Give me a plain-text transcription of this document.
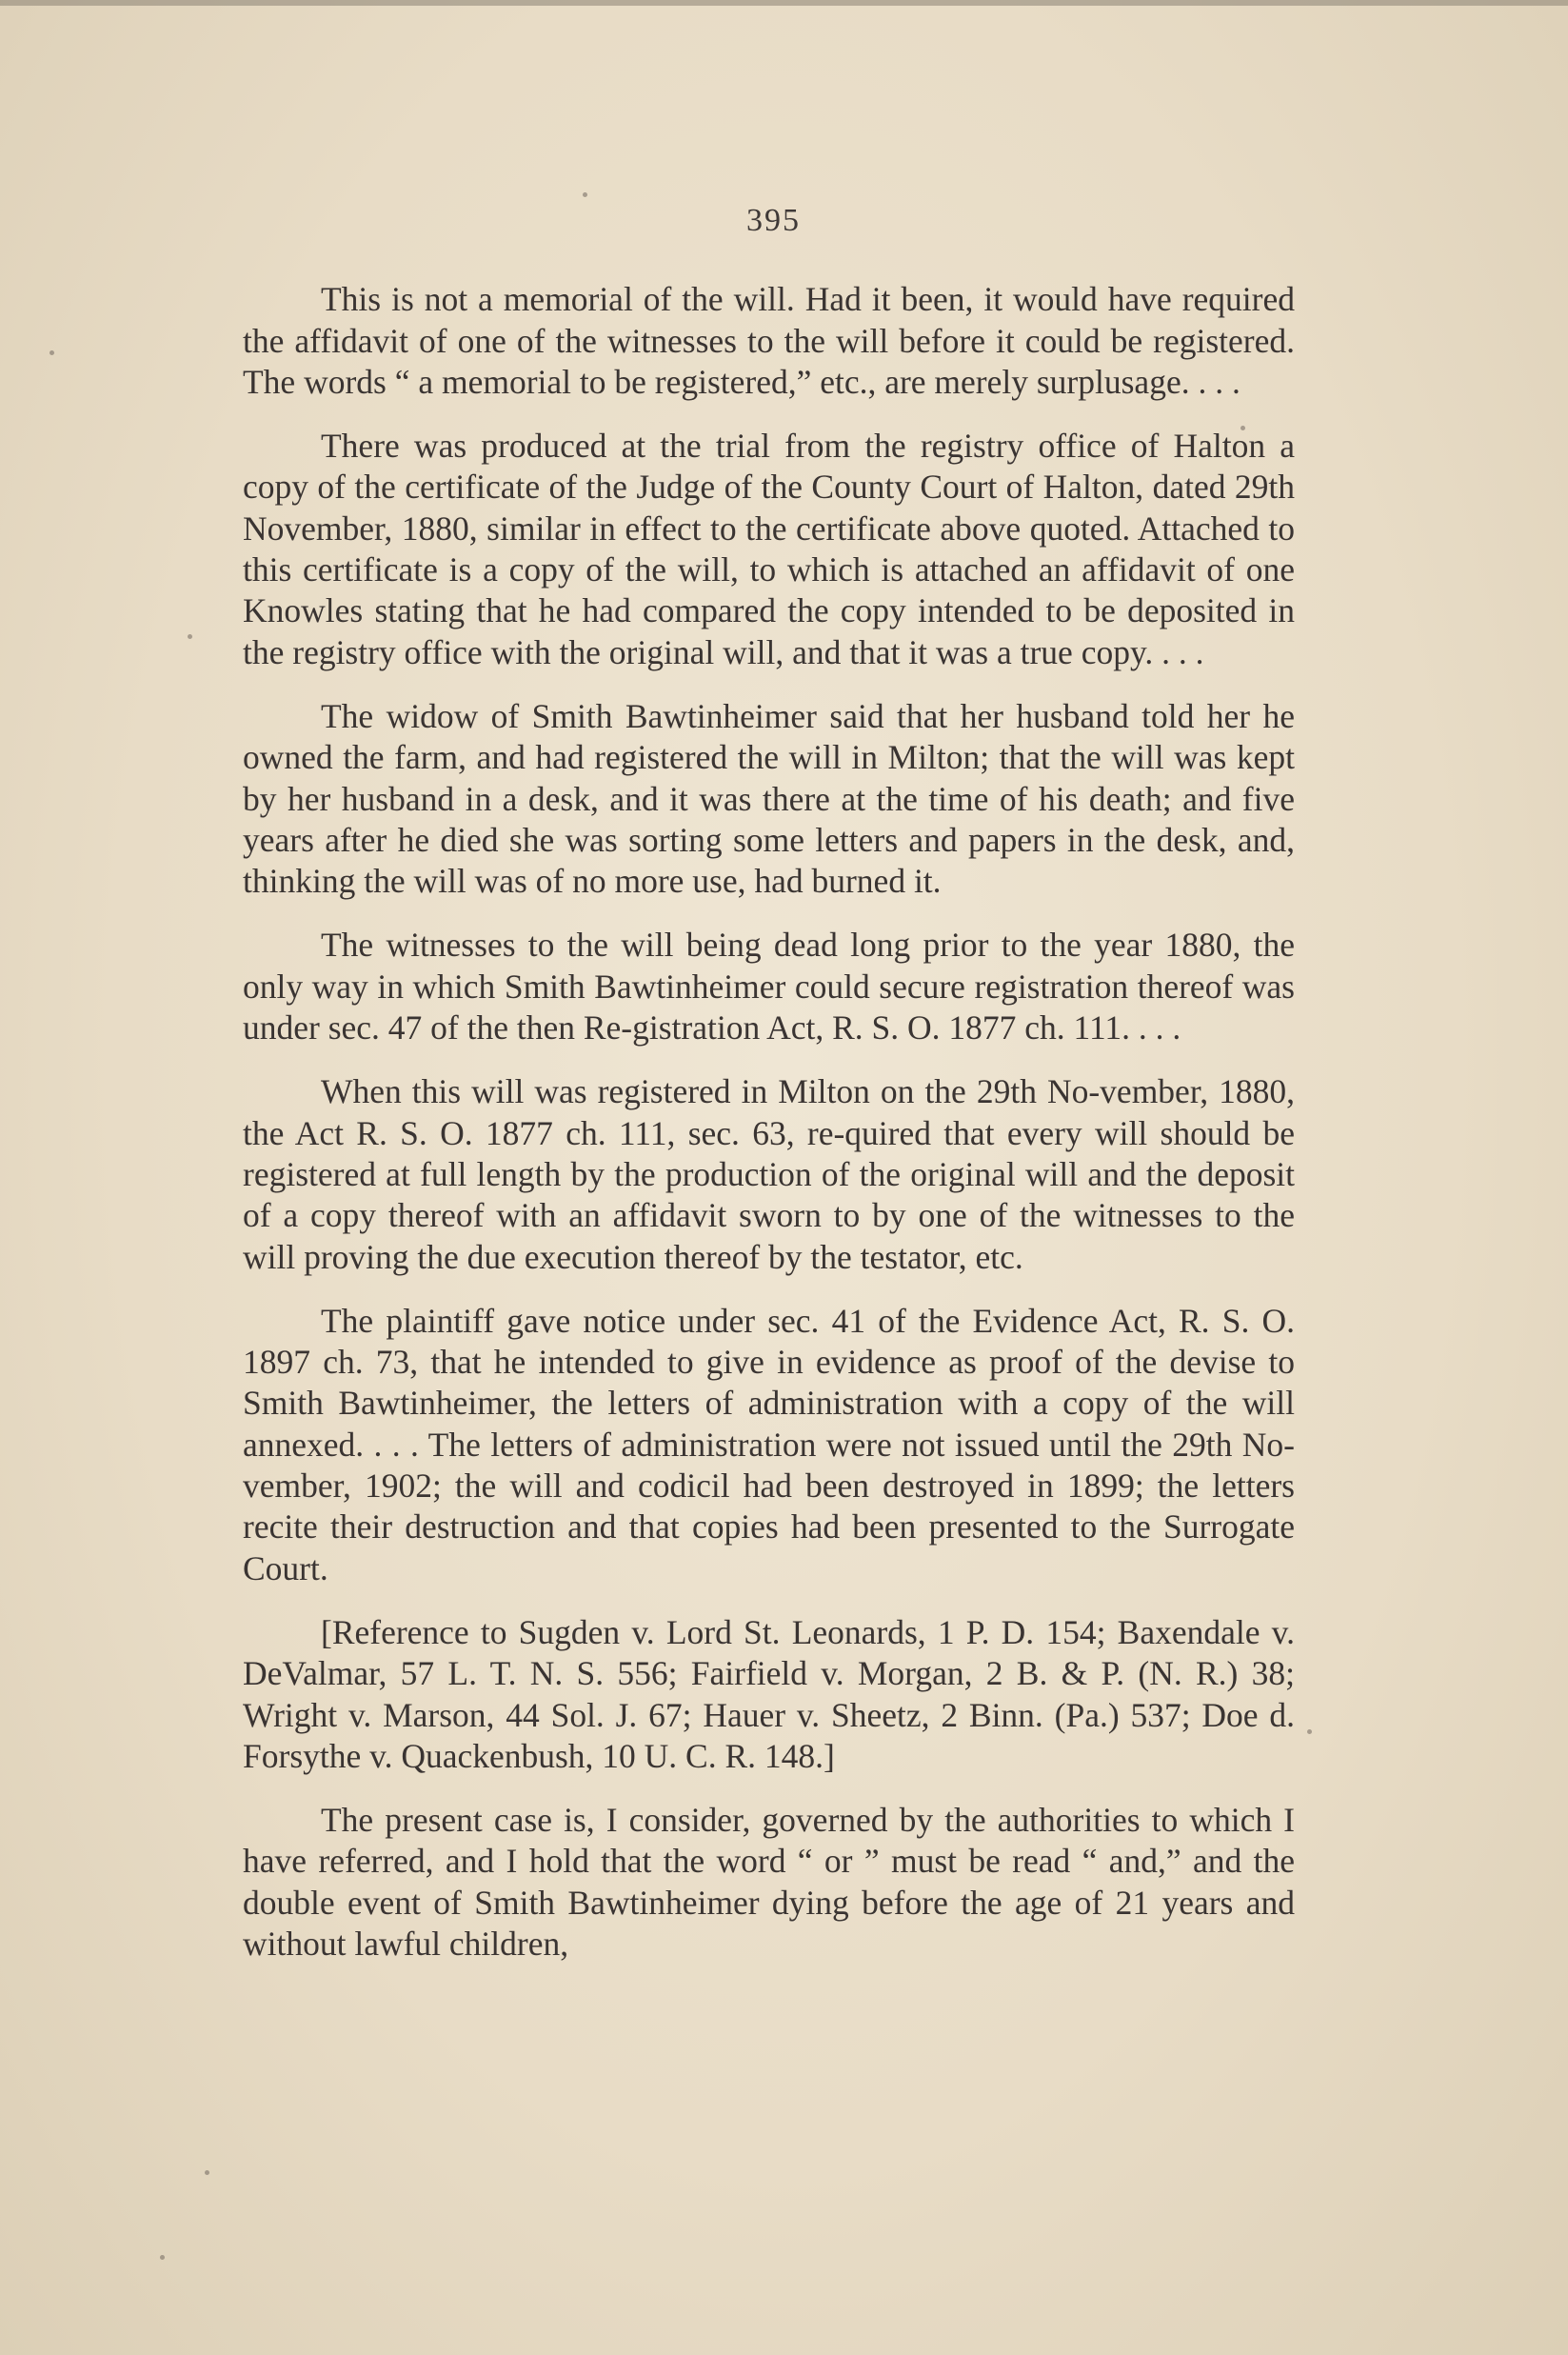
395

This is not a memorial of the will. Had it been, it would have required the affidavit of one of the witnesses to the will before it could be registered. The words “ a memorial to be registered,” etc., are merely surplusage. . . .

There was produced at the trial from the registry office of Halton a copy of the certificate of the Judge of the County Court of Halton, dated 29th November, 1880, similar in effect to the certificate above quoted. Attached to this certificate is a copy of the will, to which is attached an affidavit of one Knowles stating that he had compared the copy intended to be deposited in the registry office with the original will, and that it was a true copy. . . .

The widow of Smith Bawtinheimer said that her husband told her he owned the farm, and had registered the will in Milton; that the will was kept by her husband in a desk, and it was there at the time of his death; and five years after he died she was sorting some letters and papers in the desk, and, thinking the will was of no more use, had burned it.

The witnesses to the will being dead long prior to the year 1880, the only way in which Smith Bawtinheimer could secure registration thereof was under sec. 47 of the then Re-gistration Act, R. S. O. 1877 ch. 111. . . .

When this will was registered in Milton on the 29th No-vember, 1880, the Act R. S. O. 1877 ch. 111, sec. 63, re-quired that every will should be registered at full length by the production of the original will and the deposit of a copy thereof with an affidavit sworn to by one of the witnesses to the will proving the due execution thereof by the testator, etc.

The plaintiff gave notice under sec. 41 of the Evidence Act, R. S. O. 1897 ch. 73, that he intended to give in evidence as proof of the devise to Smith Bawtinheimer, the letters of administration with a copy of the will annexed. . . . The letters of administration were not issued until the 29th No-vember, 1902; the will and codicil had been destroyed in 1899; the letters recite their destruction and that copies had been presented to the Surrogate Court.

[Reference to Sugden v. Lord St. Leonards, 1 P. D. 154; Baxendale v. DeValmar, 57 L. T. N. S. 556; Fairfield v. Morgan, 2 B. & P. (N. R.) 38; Wright v. Marson, 44 Sol. J. 67; Hauer v. Sheetz, 2 Binn. (Pa.) 537; Doe d. Forsythe v. Quackenbush, 10 U. C. R. 148.]

The present case is, I consider, governed by the authorities to which I have referred, and I hold that the word “ or ” must be read “ and,” and the double event of Smith Bawtinheimer dying before the age of 21 years and without lawful children,
